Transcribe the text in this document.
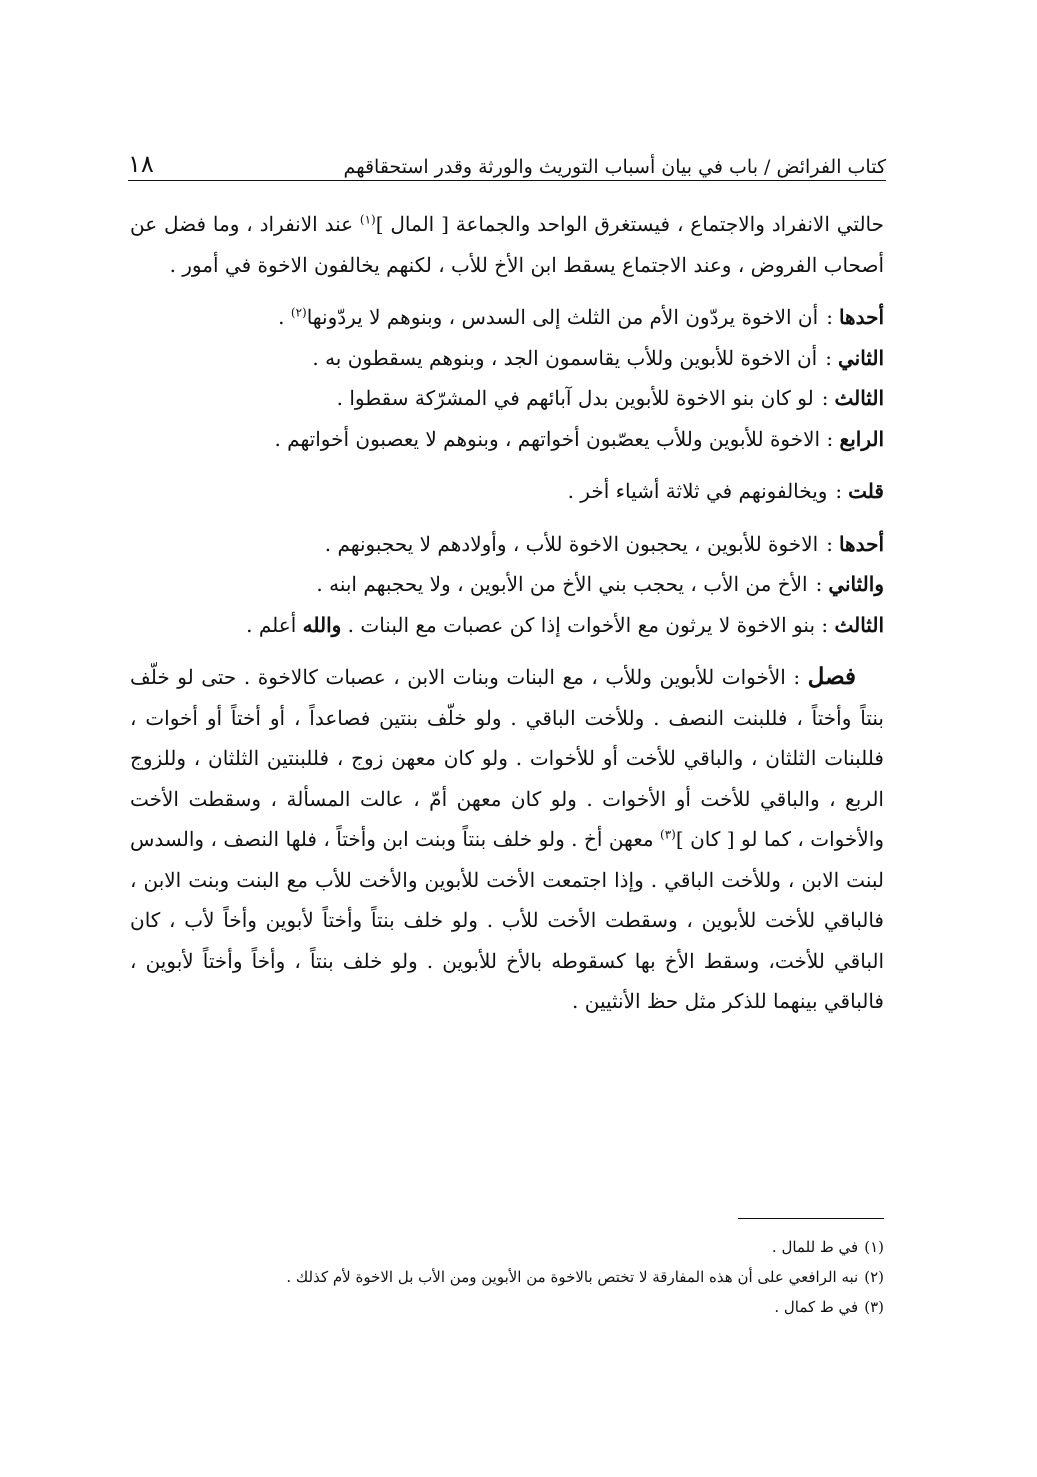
كتاب الفرائض / باب في بيان أسباب التوريث والورثة وقدر استحقاقهم
١٨

حالتي الانفراد والاجتماع ، فيستغرق الواحد والجماعة [ المال ]$^{(١)}$ عند الانفراد ، وما فضل عن أصحاب الفروض ، وعند الاجتماع يسقط ابن الأخ للأب ، لكنهم يخالفون الاخوة في أمور .

أحدها
:
أن الاخوة يردّون الأم من الثلث إلى السدس ، وبنوهم لا يردّونها$^{(٢)}$ .

الثاني
:
أن الاخوة للأبوين وللأب يقاسمون الجد ، وبنوهم يسقطون به .

الثالث
:
لو كان بنو الاخوة للأبوين بدل آبائهم في المشرّكة سقطوا .

الرابع : الاخوة للأبوين وللأب يعصّبون أخواتهم ، وبنوهم لا يعصبون أخواتهم .

قلت
:
ويخالفونهم في ثلاثة أشياء أخر .

أحدها
:
الاخوة للأبوين ، يحجبون الاخوة للأب ، وأولادهم لا يحجبونهم .

والثاني
:
الأخ من الأب ، يحجب بني الأخ من الأبوين ، ولا يحجبهم ابنه .

الثالث : بنو الاخوة لا يرثون مع الأخوات إذا كن عصبات مع البنات . والله أعلم .

فصل : الأخوات للأبوين وللأب ، مع البنات وبنات الابن ، عصبات كالاخوة . حتى لو خلّف بنتاً وأختاً ، فللبنت النصف . وللأخت الباقي . ولو خلّف بنتين فصاعداً ، أو أختاً أو أخوات ، فللبنات الثلثان ، والباقي للأخت أو للأخوات . ولو كان معهن زوج ، فللبنتين الثلثان ، وللزوج الربع ، والباقي للأخت أو الأخوات . ولو كان معهن أمّ ، عالت المسألة ، وسقطت الأخت والأخوات ، كما لو [ كان ]$^{(٣)}$ معهن أخ . ولو خلف بنتاً وبنت ابن وأختاً ، فلها النصف ، والسدس لبنت الابن ، وللأخت الباقي . وإذا اجتمعت الأخت للأبوين والأخت للأب مع البنت وبنت الابن ، فالباقي للأخت للأبوين ، وسقطت الأخت للأب . ولو خلف بنتاً وأختاً لأبوين وأخاً لأب ، كان الباقي للأخت، وسقط الأخ بها كسقوطه بالأخ للأبوين . ولو خلف بنتاً ، وأخاً وأختاً لأبوين ، فالباقي بينهما للذكر مثل حظ الأنثيين .

(١)في ط للمال .

(٢)نبه الرافعي على أن هذه المفارقة لا تختص بالاخوة من الأبوين ومن الأب بل الاخوة لأم كذلك .

(٣)في ط كمال .
